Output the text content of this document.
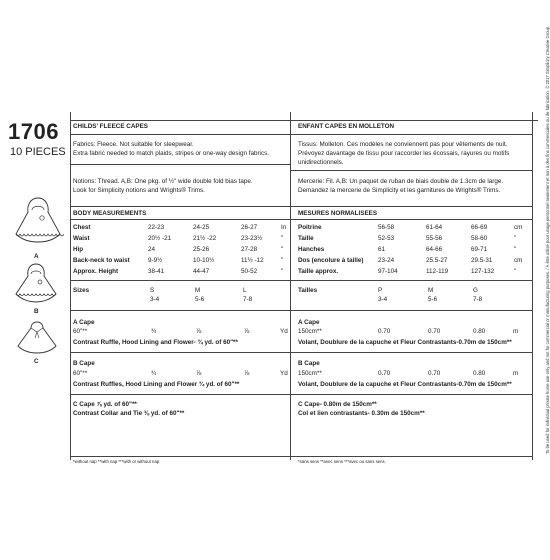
1706
10 PIECES
A
B
C
CHILDS' FLEECE CAPES
Fabrics: Fleece. Not suitable for sleepwear.
Extra fabric needed to match plaids, stripes or one-way design fabrics.
Notions: Thread. A,B: One pkg. of ½" wide double fold bias tape.
Look for Simplicity notions and Wrights® Trims.
BODY MEASUREMENTS
Chest	22-23	24-25	26-27	In
Waist	20½ -21	21½ -22	23-23½	"
Hip	24	25-26	27-28	"
Back-neck to waist	9-9½	10-10½	11½ -12	"
Approx. Height	38-41	44-47	50-52	"
Sizes	S	M	L
3-4	5-6	7-8
A Cape
60"**	¾	⅞	⅞	Yd
Contrast Ruffle, Hood Lining and Flower- ¾ yd. of 60"**
B Cape
60"**	¾	⅞	⅞	Yd
Contrast Ruffles, Hood Lining and Flower ¾ yd. of 60"**
C Cape ⅞ yd. of 60"**
Contrast Collar and Tie ⅜ yd. of 60"**
*without nap **with nap ***with or without nap
ENFANT CAPES EN MOLLETON
Tissus: Molleton. Ces modèles ne conviennent pas pour vêtements de nuit.
Prévoyez davantage de tissu pour raccorder les écossais, rayures ou motifs
unidirectionnels.
Mercerie: Fil. A,B: Un paquet de ruban de biais double de 1.3cm de large.
Demandez la mercerie de Simplicity et les garnitures de Wrights® Trims.
MESURES NORMALISEES
Poitrine	56-58	61-64	66-69	cm
Taille	52-53	55-56	58-60	"
Hanches	61	64-66	69-71	"
Dos (encolure à taille) 23-24	25.5-27	29.5-31	cm
Taille approx.	97-104	112-119	127-132	"
Tailles	P	M	G
3-4	5-6	7-8
A Cape
150cm**	0.70	0.70	0.80	m
Volant, Doublure de la capuche et Fleur Contrastants-0.70m de 150cm**
B Cape
150cm**	0.70	0.70	0.80	m
Volant, Doublure de la capuche et Fleur Contrastants-0.70m de 150cm**
C Cape- 0.80m de 150cm**
Col et lien contrastants- 0.30m de 150cm**
*sans sens **avec sens ***avec ou sans sens
To be used for individual private home use only and not for commercial or manufacturing purposes. / À être utilisé pour usage personnel seulement et non à des fins commerciales ou de fabrication. © 2017 Simplicity Creative Group
